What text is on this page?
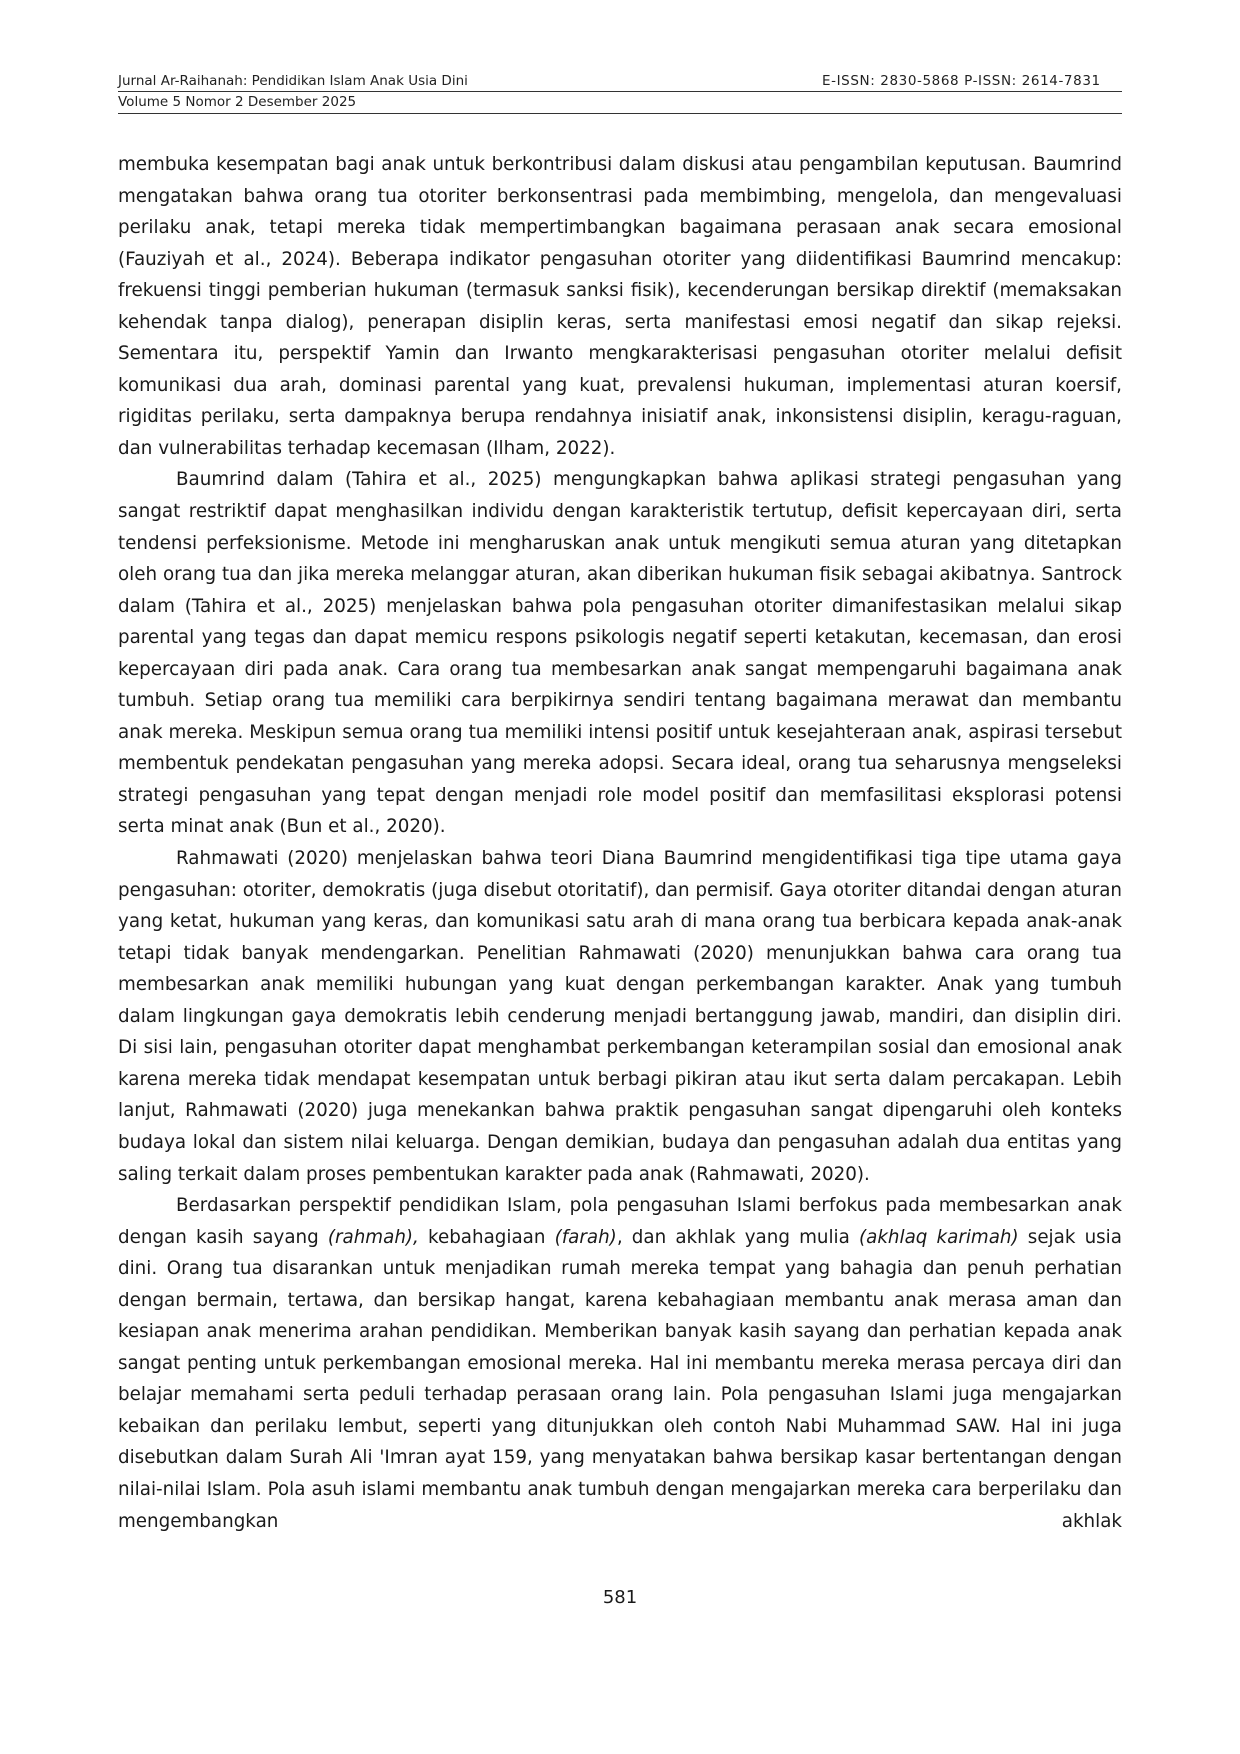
Jurnal Ar-Raihanah: Pendidikan Islam Anak Usia Dini	E-ISSN: 2830-5868 P-ISSN: 2614-7831
Volume 5 Nomor 2 Desember 2025

membuka kesempatan bagi anak untuk berkontribusi dalam diskusi atau pengambilan keputusan. Baumrind mengatakan bahwa orang tua otoriter berkonsentrasi pada membimbing, mengelola, dan mengevaluasi perilaku anak, tetapi mereka tidak mempertimbangkan bagaimana perasaan anak secara emosional (Fauziyah et al., 2024). Beberapa indikator pengasuhan otoriter yang diidentifikasi Baumrind mencakup: frekuensi tinggi pemberian hukuman (termasuk sanksi fisik), kecenderungan bersikap direktif (memaksakan kehendak tanpa dialog), penerapan disiplin keras, serta manifestasi emosi negatif dan sikap rejeksi. Sementara itu, perspektif Yamin dan Irwanto mengkarakterisasi pengasuhan otoriter melalui defisit komunikasi dua arah, dominasi parental yang kuat, prevalensi hukuman, implementasi aturan koersif, rigiditas perilaku, serta dampaknya berupa rendahnya inisiatif anak, inkonsistensi disiplin, keragu-raguan, dan vulnerabilitas terhadap kecemasan (Ilham, 2022).

Baumrind dalam (Tahira et al., 2025) mengungkapkan bahwa aplikasi strategi pengasuhan yang sangat restriktif dapat menghasilkan individu dengan karakteristik tertutup, defisit kepercayaan diri, serta tendensi perfeksionisme. Metode ini mengharuskan anak untuk mengikuti semua aturan yang ditetapkan oleh orang tua dan jika mereka melanggar aturan, akan diberikan hukuman fisik sebagai akibatnya. Santrock dalam (Tahira et al., 2025) menjelaskan bahwa pola pengasuhan otoriter dimanifestasikan melalui sikap parental yang tegas dan dapat memicu respons psikologis negatif seperti ketakutan, kecemasan, dan erosi kepercayaan diri pada anak. Cara orang tua membesarkan anak sangat mempengaruhi bagaimana anak tumbuh. Setiap orang tua memiliki cara berpikirnya sendiri tentang bagaimana merawat dan membantu anak mereka. Meskipun semua orang tua memiliki intensi positif untuk kesejahteraan anak, aspirasi tersebut membentuk pendekatan pengasuhan yang mereka adopsi. Secara ideal, orang tua seharusnya mengseleksi strategi pengasuhan yang tepat dengan menjadi role model positif dan memfasilitasi eksplorasi potensi serta minat anak (Bun et al., 2020).

Rahmawati (2020) menjelaskan bahwa teori Diana Baumrind mengidentifikasi tiga tipe utama gaya pengasuhan: otoriter, demokratis (juga disebut otoritatif), dan permisif. Gaya otoriter ditandai dengan aturan yang ketat, hukuman yang keras, dan komunikasi satu arah di mana orang tua berbicara kepada anak-anak tetapi tidak banyak mendengarkan. Penelitian Rahmawati (2020) menunjukkan bahwa cara orang tua membesarkan anak memiliki hubungan yang kuat dengan perkembangan karakter. Anak yang tumbuh dalam lingkungan gaya demokratis lebih cenderung menjadi bertanggung jawab, mandiri, dan disiplin diri. Di sisi lain, pengasuhan otoriter dapat menghambat perkembangan keterampilan sosial dan emosional anak karena mereka tidak mendapat kesempatan untuk berbagi pikiran atau ikut serta dalam percakapan. Lebih lanjut, Rahmawati (2020) juga menekankan bahwa praktik pengasuhan sangat dipengaruhi oleh konteks budaya lokal dan sistem nilai keluarga. Dengan demikian, budaya dan pengasuhan adalah dua entitas yang saling terkait dalam proses pembentukan karakter pada anak (Rahmawati, 2020).

Berdasarkan perspektif pendidikan Islam, pola pengasuhan Islami berfokus pada membesarkan anak dengan kasih sayang (rahmah), kebahagiaan (farah), dan akhlak yang mulia (akhlaq karimah) sejak usia dini. Orang tua disarankan untuk menjadikan rumah mereka tempat yang bahagia dan penuh perhatian dengan bermain, tertawa, dan bersikap hangat, karena kebahagiaan membantu anak merasa aman dan kesiapan anak menerima arahan pendidikan. Memberikan banyak kasih sayang dan perhatian kepada anak sangat penting untuk perkembangan emosional mereka. Hal ini membantu mereka merasa percaya diri dan belajar memahami serta peduli terhadap perasaan orang lain. Pola pengasuhan Islami juga mengajarkan kebaikan dan perilaku lembut, seperti yang ditunjukkan oleh contoh Nabi Muhammad SAW. Hal ini juga disebutkan dalam Surah Ali 'Imran ayat 159, yang menyatakan bahwa bersikap kasar bertentangan dengan nilai-nilai Islam. Pola asuh islami membantu anak tumbuh dengan mengajarkan mereka cara berperilaku dan mengembangkan akhlak

581
